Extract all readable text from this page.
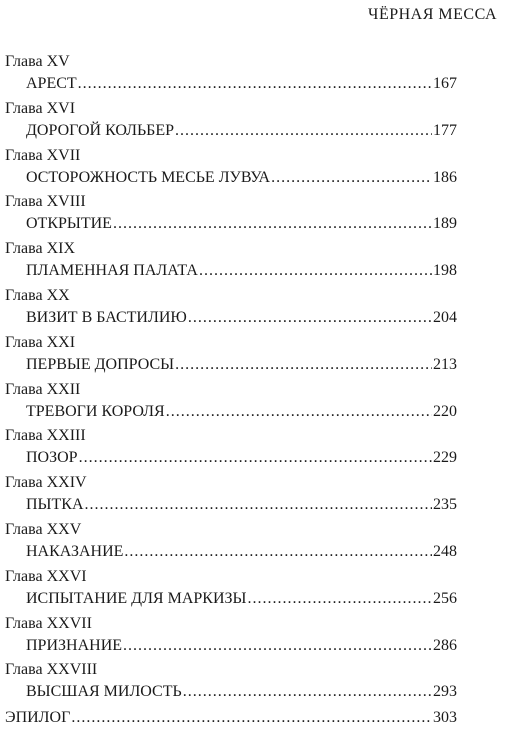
ЧЁРНАЯ МЕССА
Глава XV
АРЕСТ .....	167
Глава XVI
ДОРОГОЙ КОЛЬБЕР .....	177
Глава XVII
ОСТОРОЖНОСТЬ МЕСЬЕ ЛУВУА .....	186
Глава XVIII
ОТКРЫТИЕ .....	189
Глава XIX
ПЛАМЕННАЯ ПАЛАТА .....	198
Глава XX
ВИЗИТ В БАСТИЛИЮ .....	204
Глава XXI
ПЕРВЫЕ ДОПРОСЫ .....	213
Глава XXII
ТРЕВОГИ КОРОЛЯ .....	220
Глава XXIII
ПОЗОР .....	229
Глава XXIV
ПЫТКА .....	235
Глава XXV
НАКАЗАНИЕ .....	248
Глава XXVI
ИСПЫТАНИЕ ДЛЯ МАРКИЗЫ .....	256
Глава XXVII
ПРИЗНАНИЕ .....	286
Глава XXVIII
ВЫСШАЯ МИЛОСТЬ .....	293
ЭПИЛОГ .....	303
